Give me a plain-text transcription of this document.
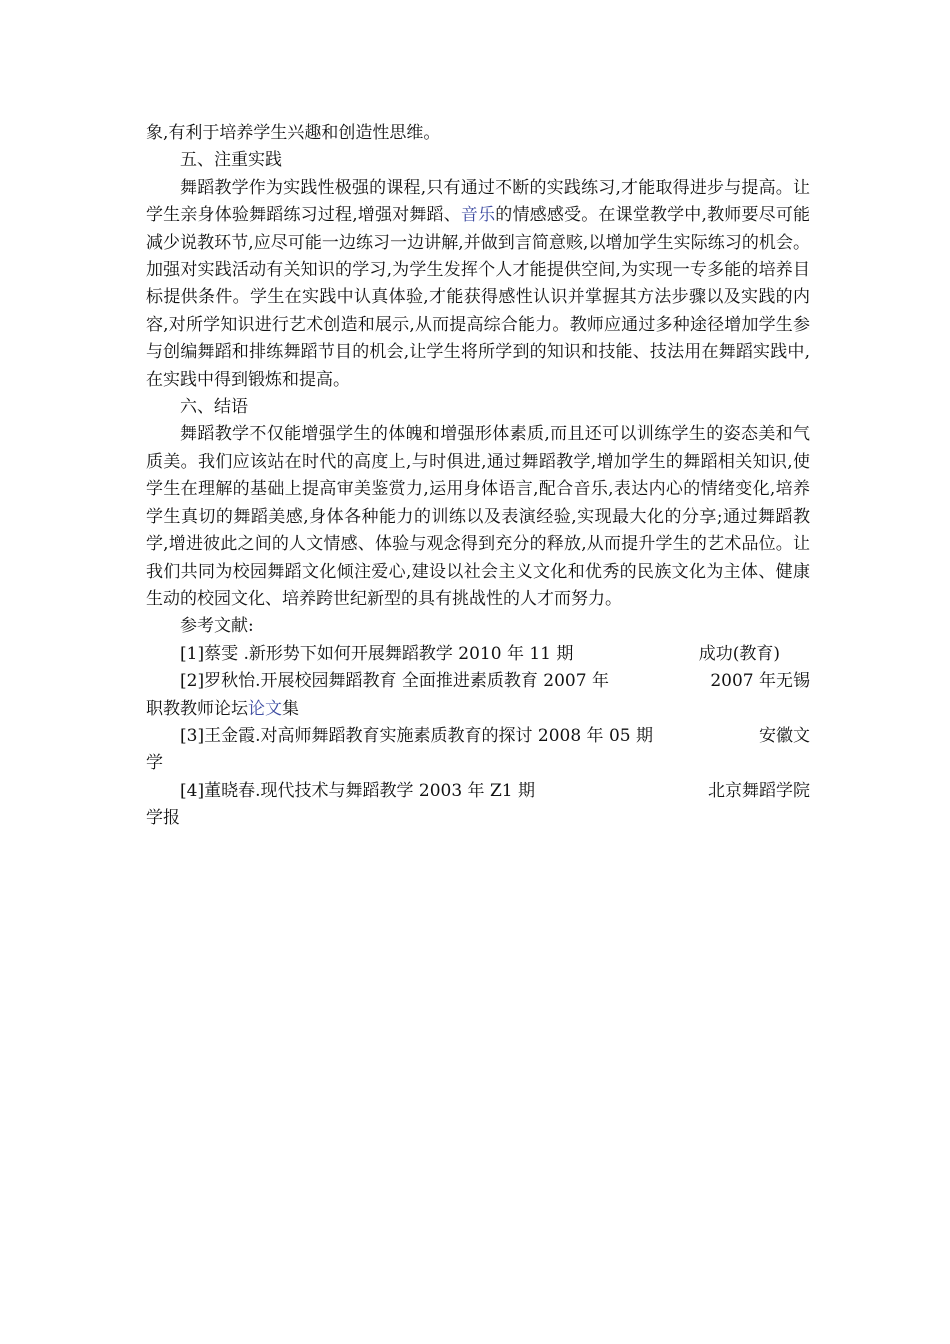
象,有利于培养学生兴趣和创造性思维。

五、注重实践

舞蹈教学作为实践性极强的课程,只有通过不断的实践练习,才能取得进步与提高。让学生亲身体验舞蹈练习过程,增强对舞蹈、音乐的情感感受。在课堂教学中,教师要尽可能减少说教环节,应尽可能一边练习一边讲解,并做到言简意赅,以增加学生实际练习的机会。加强对实践活动有关知识的学习,为学生发挥个人才能提供空间,为实现一专多能的培养目标提供条件。学生在实践中认真体验,才能获得感性认识并掌握其方法步骤以及实践的内容,对所学知识进行艺术创造和展示,从而提高综合能力。教师应通过多种途径增加学生参与创编舞蹈和排练舞蹈节目的机会,让学生将所学到的知识和技能、技法用在舞蹈实践中,在实践中得到锻炼和提高。

六、结语

舞蹈教学不仅能增强学生的体魄和增强形体素质,而且还可以训练学生的姿态美和气质美。我们应该站在时代的高度上,与时俱进,通过舞蹈教学,增加学生的舞蹈相关知识,使学生在理解的基础上提高审美鉴赏力,运用身体语言,配合音乐,表达内心的情绪变化,培养学生真切的舞蹈美感,身体各种能力的训练以及表演经验,实现最大化的分享;通过舞蹈教学,增进彼此之间的人文情感、体验与观念得到充分的释放,从而提升学生的艺术品位。让我们共同为校园舞蹈文化倾注爱心,建设以社会主义文化和优秀的民族文化为主体、健康生动的校园文化、培养跨世纪新型的具有挑战性的人才而努力。

参考文献:

[1]蔡雯 .新形势下如何开展舞蹈教学 2010 年 11 期	成功(教育)

[2]罗秋怡.开展校园舞蹈教育 全面推进素质教育 2007 年	2007 年无锡

职教教师论坛论文集

[3]王金霞.对高师舞蹈教育实施素质教育的探讨 2008 年 05 期	安徽文

学

[4]董晓春.现代技术与舞蹈教学 2003 年 Z1 期	北京舞蹈学院

学报
